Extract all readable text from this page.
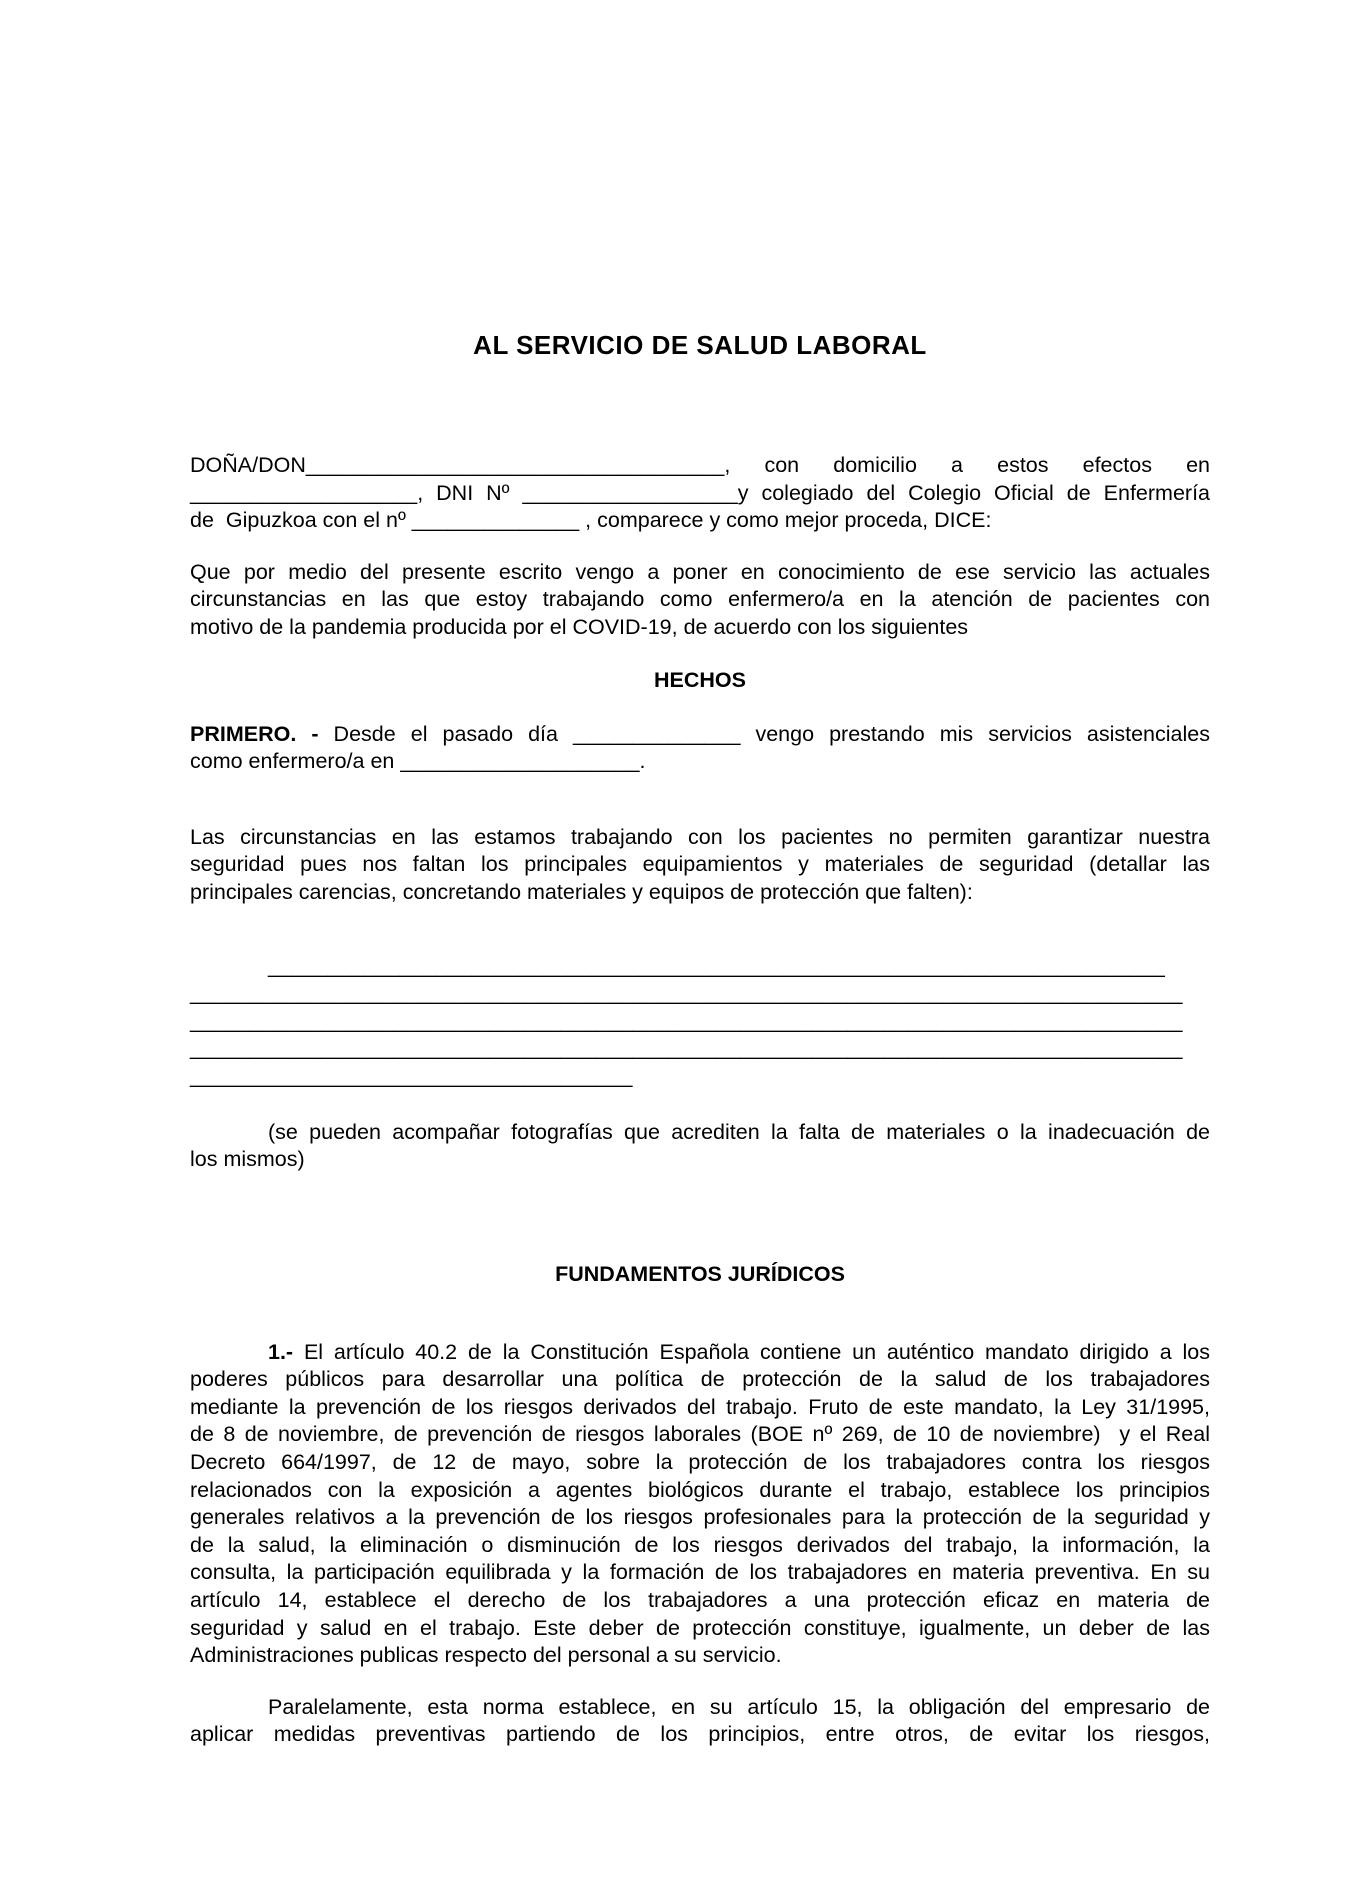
AL SERVICIO DE SALUD LABORAL
DOÑA/DON___________________________________, con domicilio a estos efectos en
___________________, DNI Nº __________________y colegiado del Colegio Oficial de Enfermería
de  Gipuzkoa con el nº ______________ , comparece y como mejor proceda, DICE:
Que por medio del presente escrito vengo a poner en conocimiento de ese servicio las actuales
circunstancias en las que estoy trabajando como enfermero/a en la atención de pacientes con
motivo de la pandemia producida por el COVID-19, de acuerdo con los siguientes
HECHOS
PRIMERO. - Desde el pasado día ______________ vengo prestando mis servicios asistenciales
como enfermero/a en ____________________.
Las circunstancias en las estamos trabajando con los pacientes no permiten garantizar nuestra
seguridad pues nos faltan los principales equipamientos y materiales de seguridad (detallar las
principales carencias, concretando materiales y equipos de protección que falten):
___________________________________________________________________________
___________________________________________________________________________________
___________________________________________________________________________________
___________________________________________________________________________________
_____________________________________
(se pueden acompañar fotografías que acrediten la falta de materiales o la inadecuación de
los mismos)
FUNDAMENTOS JURÍDICOS
1.- El artículo 40.2 de la Constitución Española contiene un auténtico mandato dirigido a los
poderes públicos para desarrollar una política de protección de la salud de los trabajadores
mediante la prevención de los riesgos derivados del trabajo. Fruto de este mandato, la Ley 31/1995,
de 8 de noviembre, de prevención de riesgos laborales (BOE nº 269, de 10 de noviembre)  y el Real
Decreto 664/1997, de 12 de mayo, sobre la protección de los trabajadores contra los riesgos
relacionados con la exposición a agentes biológicos durante el trabajo, establece los principios
generales relativos a la prevención de los riesgos profesionales para la protección de la seguridad y
de la salud, la eliminación o disminución de los riesgos derivados del trabajo, la información, la
consulta, la participación equilibrada y la formación de los trabajadores en materia preventiva. En su
artículo 14, establece el derecho de los trabajadores a una protección eficaz en materia de
seguridad y salud en el trabajo. Este deber de protección constituye, igualmente, un deber de las
Administraciones publicas respecto del personal a su servicio.
Paralelamente, esta norma establece, en su artículo 15, la obligación del empresario de
aplicar medidas preventivas partiendo de los principios, entre otros, de evitar los riesgos,
